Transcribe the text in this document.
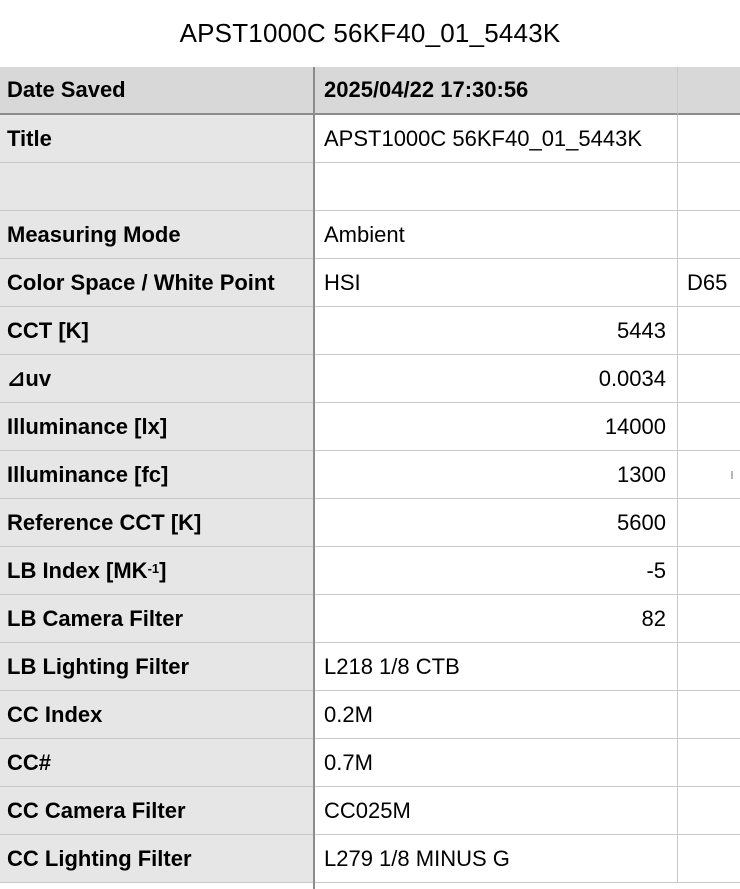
APST1000C 56KF40_01_5443K
Date Saved	2025/04/22 17:30:56
Title	APST1000C 56KF40_01_5443K
Measuring Mode	Ambient
Color Space / White Point	HSI	D65
CCT [K]	5443
⊿uv	0.0034
Illuminance [lx]	14000
Illuminance [fc]	1300
Reference CCT [K]	5600
LB Index [$MK^{-1}$ ]	-5
LB Camera Filter	82
LB Lighting Filter	L218 1/8 CTB
CC Index	0.2M
CC#	0.7M
CC Camera Filter	CC025M
CC Lighting Filter	L279 1/8 MINUS G
